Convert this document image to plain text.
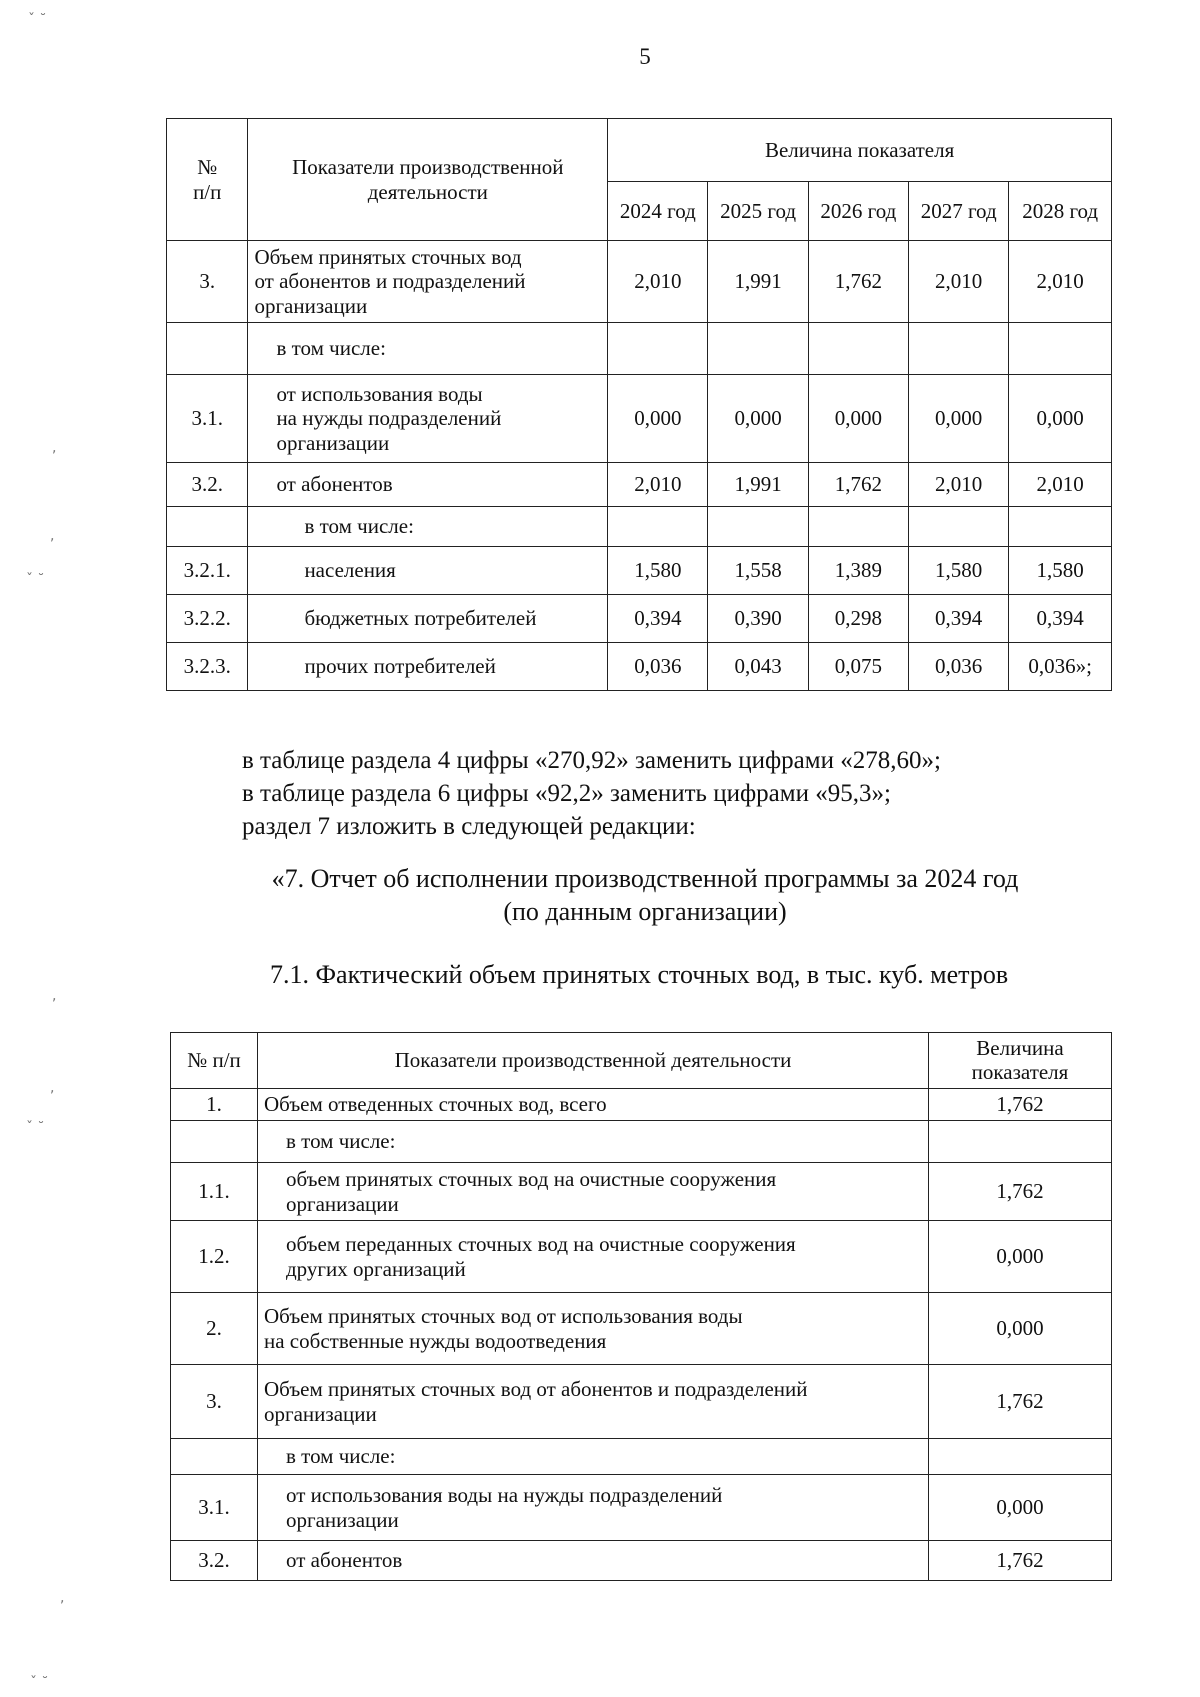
5
№
п/п	Показатели производственной деятельности	Величина показателя				
		2024 год	2025 год	2026 год	2027 год	2028 год
3.	Объем принятых сточных вод
от абонентов и подразделений
организации	2,010	1,991	1,762	2,010	2,010
	в том числе:					
3.1.	от использования воды
на нужды подразделений
организации	0,000	0,000	0,000	0,000	0,000
3.2.	от абонентов	2,010	1,991	1,762	2,010	2,010
	в том числе:					
3.2.1.	населения	1,580	1,558	1,389	1,580	1,580
3.2.2.	бюджетных потребителей	0,394	0,390	0,298	0,394	0,394
3.2.3.	прочих потребителей	0,036	0,043	0,075	0,036	0,036»;

в таблице раздела 4 цифры «270,92» заменить цифрами «278,60»;

в таблице раздела 6 цифры «92,2» заменить цифрами «95,3»;

раздел 7 изложить в следующей редакции:

«7. Отчет об исполнении производственной программы за 2024 год

(по данным организации)

7.1. Фактический объем принятых сточных вод, в тыс. куб. метров

№ п/п	Показатели производственной деятельности	Величина
показателя
1.	Объем отведенных сточных вод, всего	1,762
	в том числе:	
1.1.	объем принятых сточных вод на очистные сооружения
организации	1,762
1.2.	объем переданных сточных вод на очистные сооружения
других организаций	0,000
2.	Объем принятых сточных вод от использования воды
на собственные нужды водоотведения	0,000
3.	Объем принятых сточных вод от абонентов и подразделений
организации	1,762
	в том числе:	
3.1.	от использования воды на нужды подразделений
организации	0,000
3.2.	от абонентов	1,762
ˇ ˘
,
,
ˇ ˘
,
,
ˇ ˘
,
ˇ ˘
